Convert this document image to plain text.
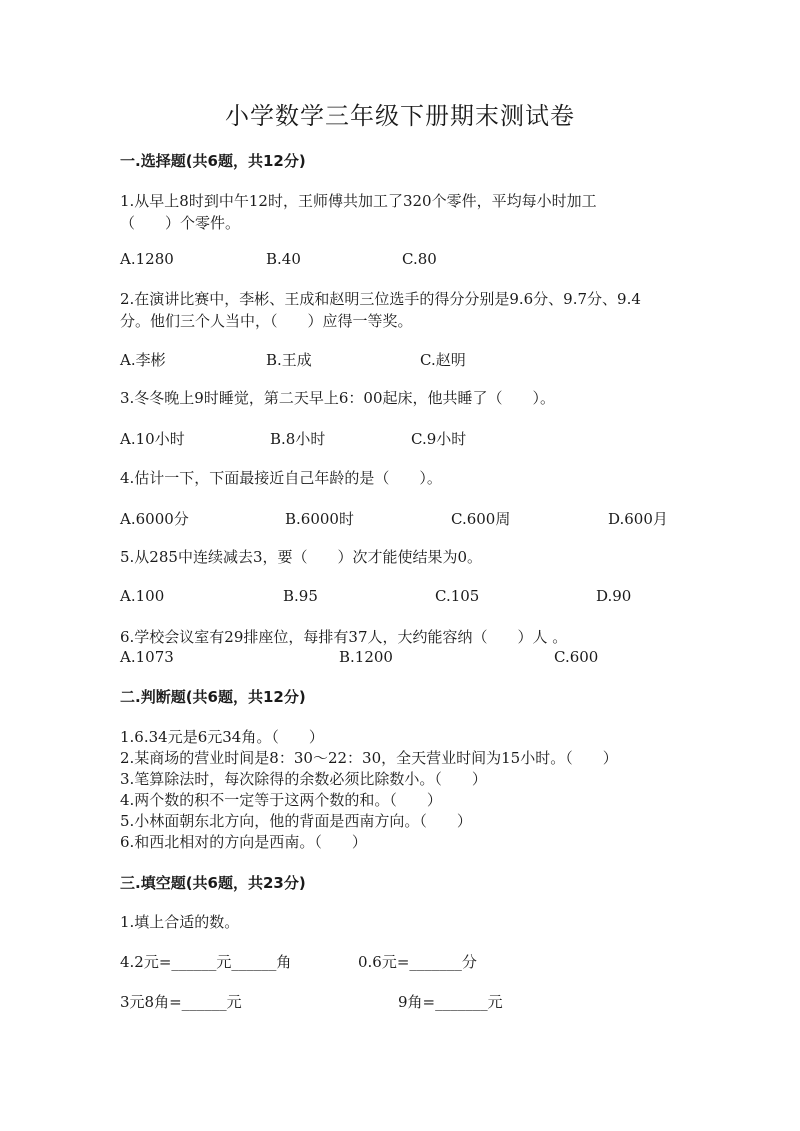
小学数学三年级下册期末测试卷
一.选择题(共6题，共12分)
1.从早上8时到中午12时，王师傅共加工了320个零件，平均每小时加工
（　　）个零件。
A.1280	B.40	C.80
2.在演讲比赛中，李彬、王成和赵明三位选手的得分分别是9.6分、9.7分、9.4
分。他们三个人当中，（　　）应得一等奖。
A.李彬	B.王成	C.赵明
3.冬冬晚上9时睡觉，第二天早上6：00起床，他共睡了（　　）。
A.10小时	B.8小时	C.9小时
4.估计一下，下面最接近自己年龄的是（　　）。
A.6000分	B.6000时	C.600周	D.600月
5.从285中连续减去3，要（　　）次才能使结果为0。
A.100	B.95	C.105	D.90
6.学校会议室有29排座位，每排有37人，大约能容纳（　　）人 。
A.1073	B.1200	C.600
二.判断题(共6题，共12分)
1.6.34元是6元34角。（　　）
2.某商场的营业时间是8：30～22：30，全天营业时间为15小时。（　　）
3.笔算除法时，每次除得的余数必须比除数小。（　　）
4.两个数的积不一定等于这两个数的和。（　　）
5.小林面朝东北方向，他的背面是西南方向。（　　）
6.和西北相对的方向是西南。（　　）
三.填空题(共6题，共23分)
1.填上合适的数。
4.2元=______元______角	0.6元=_______分
3元8角=______元	9角=_______元
